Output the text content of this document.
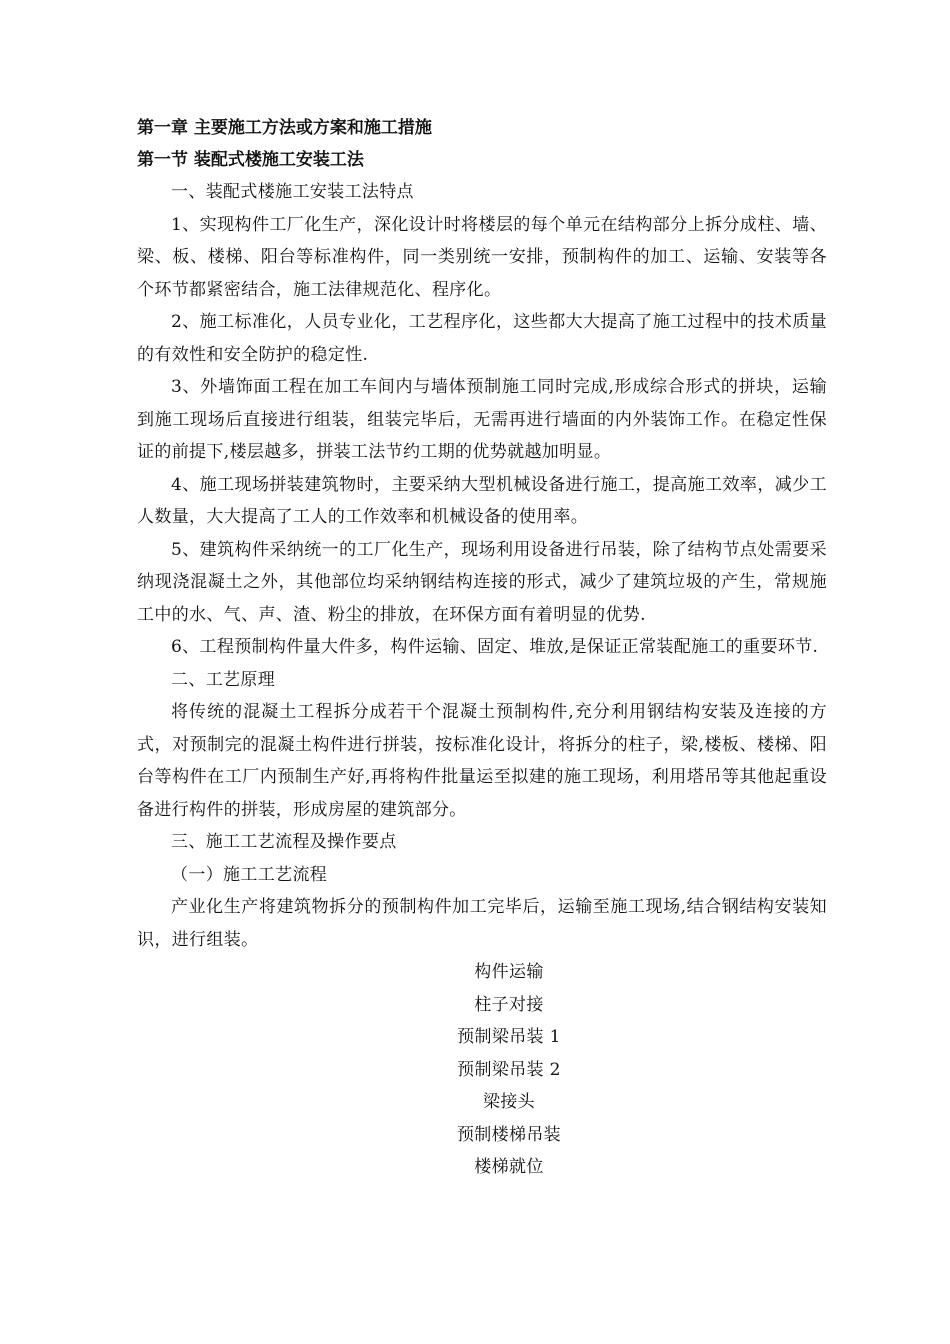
第一章 主要施工方法或方案和施工措施

第一节 装配式楼施工安装工法

一、装配式楼施工安装工法特点

1、实现构件工厂化生产，深化设计时将楼层的每个单元在结构部分上拆分成柱、墙、梁、板、楼梯、阳台等标准构件，同一类别统一安排，预制构件的加工、运输、安装等各个环节都紧密结合，施工法律规范化、程序化。

2、施工标准化，人员专业化，工艺程序化，这些都大大提高了施工过程中的技术质量的有效性和安全防护的稳定性.

3、外墙饰面工程在加工车间内与墙体预制施工同时完成,形成综合形式的拼块，运输到施工现场后直接进行组装，组装完毕后，无需再进行墙面的内外装饰工作。在稳定性保证的前提下,楼层越多，拼装工法节约工期的优势就越加明显。

4、施工现场拼装建筑物时，主要采纳大型机械设备进行施工，提高施工效率，减少工人数量，大大提高了工人的工作效率和机械设备的使用率。

5、建筑构件采纳统一的工厂化生产，现场利用设备进行吊装，除了结构节点处需要采纳现浇混凝土之外，其他部位均采纳钢结构连接的形式，减少了建筑垃圾的产生，常规施工中的水、气、声、渣、粉尘的排放，在环保方面有着明显的优势.

6、工程预制构件量大件多，构件运输、固定、堆放,是保证正常装配施工的重要环节.

二、工艺原理

将传统的混凝土工程拆分成若干个混凝土预制构件,充分利用钢结构安装及连接的方式，对预制完的混凝土构件进行拼装，按标准化设计，将拆分的柱子，梁,楼板、楼梯、阳台等构件在工厂内预制生产好,再将构件批量运至拟建的施工现场，利用塔吊等其他起重设备进行构件的拼装，形成房屋的建筑部分。

三、施工工艺流程及操作要点

（一）施工工艺流程

产业化生产将建筑物拆分的预制构件加工完毕后，运输至施工现场,结合钢结构安装知识，进行组装。

构件运输

柱子对接

预制梁吊装 1

预制梁吊装 2

梁接头

预制楼梯吊装

楼梯就位
